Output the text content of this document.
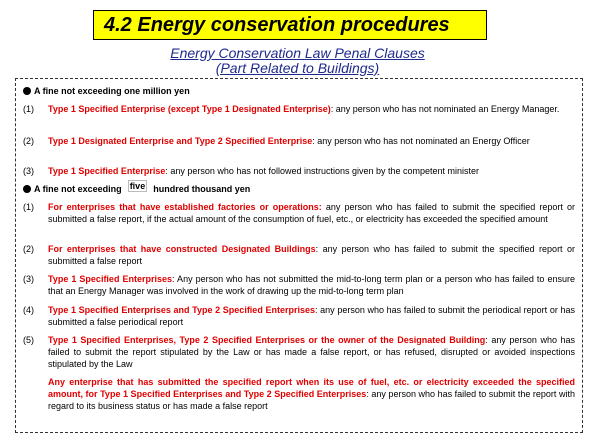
4.2 Energy conservation procedures
Energy Conservation Law Penal Clauses
(Part Related to Buildings)
A fine not exceeding one million yen
(1)	Type 1 Specified Enterprise (except Type 1 Designated Enterprise): any person who has not nominated an Energy Manager.
(2)	Type 1 Designated Enterprise and Type 2 Specified Enterprise: any person who has not nominated an Energy Officer
(3)	Type 1 Specified Enterprise: any person who has not followed instructions given by the competent minister
A fine not exceeding five hundred thousand yen
(1)	For enterprises that have established factories or operations: any person who has failed to submit the specified report or submitted a false report, if the actual amount of the consumption of fuel, etc., or electricity has exceeded the specified amount
(2)	For enterprises that have constructed Designated Buildings: any person who has failed to submit the specified report or submitted a false report
(3)	Type 1 Specified Enterprises: Any person who has not submitted the mid-to-long term plan or a person who has failed to ensure that an Energy Manager was involved in the work of drawing up the mid-to-long term plan
(4)	Type 1 Specified Enterprises and Type 2 Specified Enterprises: any person who has failed to submit the periodical report or has submitted a false periodical report
(5)	Type 1 Specified Enterprises, Type 2 Specified Enterprises or the owner of the Designated Building: any person who has failed to submit the report stipulated by the Law or has made a false report, or has refused, disrupted or avoided inspections stipulated by the Law
Any enterprise that has submitted the specified report when its use of fuel, etc. or electricity exceeded the specified amount, for Type 1 Specified Enterprises and Type 2 Specified Enterprises: any person who has failed to submit the report with regard to its business status or has made a false report
